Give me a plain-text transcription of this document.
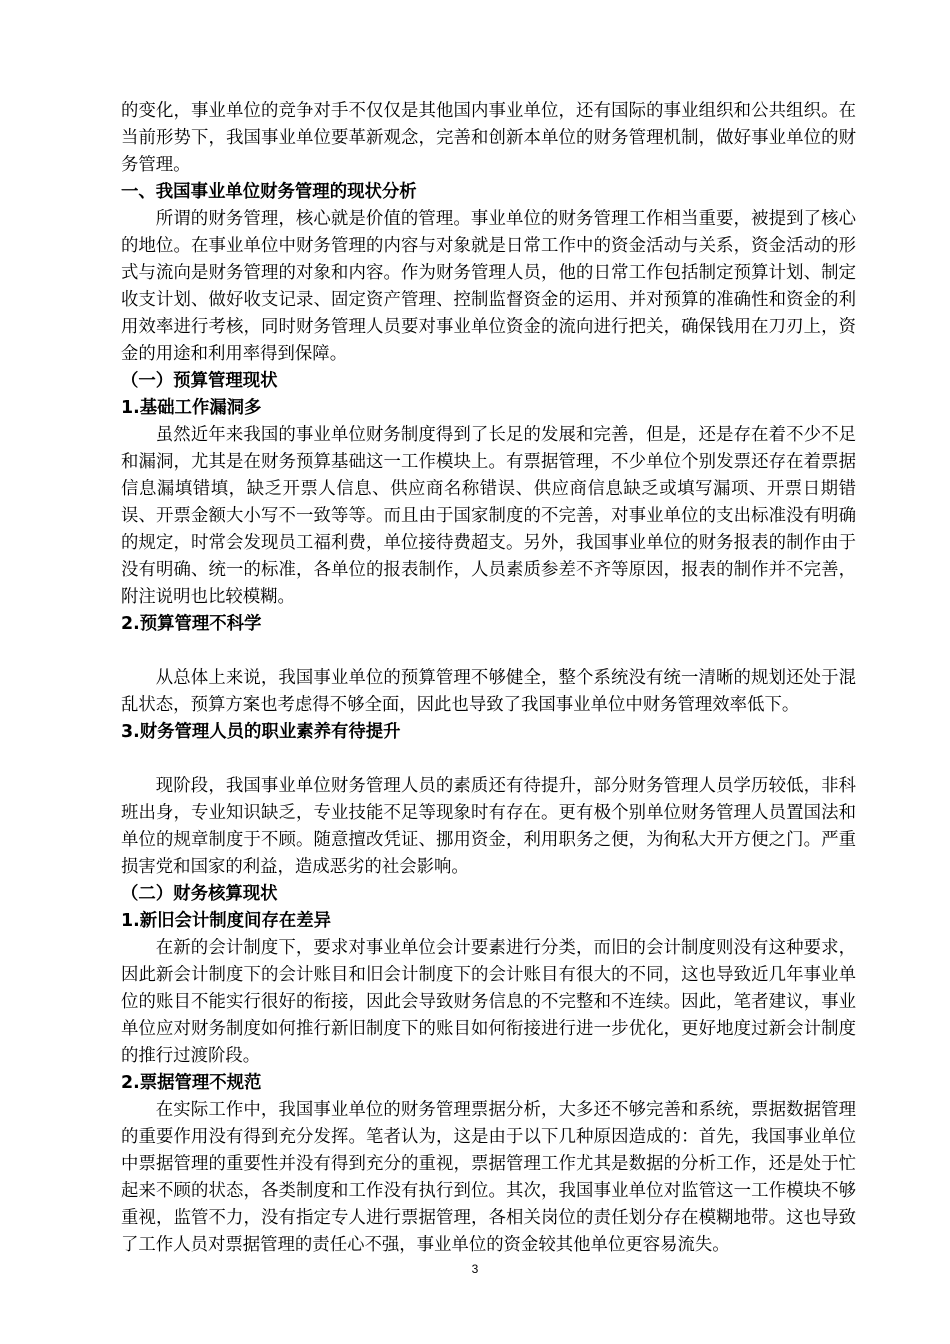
的变化，事业单位的竞争对手不仅仅是其他国内事业单位，还有国际的事业组织和公共组织。在当前形势下，我国事业单位要革新观念，完善和创新本单位的财务管理机制，做好事业单位的财务管理。

一、我国事业单位财务管理的现状分析

所谓的财务管理，核心就是价值的管理。事业单位的财务管理工作相当重要，被提到了核心的地位。在事业单位中财务管理的内容与对象就是日常工作中的资金活动与关系，资金活动的形式与流向是财务管理的对象和内容。作为财务管理人员，他的日常工作包括制定预算计划、制定收支计划、做好收支记录、固定资产管理、控制监督资金的运用、并对预算的准确性和资金的利用效率进行考核，同时财务管理人员要对事业单位资金的流向进行把关，确保钱用在刀刃上，资金的用途和利用率得到保障。

（一）预算管理现状

1.基础工作漏洞多

虽然近年来我国的事业单位财务制度得到了长足的发展和完善，但是，还是存在着不少不足和漏洞，尤其是在财务预算基础这一工作模块上。有票据管理，不少单位个别发票还存在着票据信息漏填错填，缺乏开票人信息、供应商名称错误、供应商信息缺乏或填写漏项、开票日期错误、开票金额大小写不一致等等。而且由于国家制度的不完善，对事业单位的支出标准没有明确的规定，时常会发现员工福利费，单位接待费超支。另外，我国事业单位的财务报表的制作由于没有明确、统一的标准，各单位的报表制作，人员素质参差不齐等原因，报表的制作并不完善，附注说明也比较模糊。

2.预算管理不科学

从总体上来说，我国事业单位的预算管理不够健全，整个系统没有统一清晰的规划还处于混乱状态，预算方案也考虑得不够全面，因此也导致了我国事业单位中财务管理效率低下。

3.财务管理人员的职业素养有待提升

现阶段，我国事业单位财务管理人员的素质还有待提升，部分财务管理人员学历较低，非科班出身，专业知识缺乏，专业技能不足等现象时有存在。更有极个别单位财务管理人员置国法和单位的规章制度于不顾。随意擅改凭证、挪用资金，利用职务之便，为徇私大开方便之门。严重损害党和国家的利益，造成恶劣的社会影响。

（二）财务核算现状

1.新旧会计制度间存在差异

在新的会计制度下，要求对事业单位会计要素进行分类，而旧的会计制度则没有这种要求，因此新会计制度下的会计账目和旧会计制度下的会计账目有很大的不同，这也导致近几年事业单位的账目不能实行很好的衔接，因此会导致财务信息的不完整和不连续。因此，笔者建议，事业单位应对财务制度如何推行新旧制度下的账目如何衔接进行进一步优化，更好地度过新会计制度的推行过渡阶段。

2.票据管理不规范

在实际工作中，我国事业单位的财务管理票据分析，大多还不够完善和系统，票据数据管理的重要作用没有得到充分发挥。笔者认为，这是由于以下几种原因造成的：首先，我国事业单位中票据管理的重要性并没有得到充分的重视，票据管理工作尤其是数据的分析工作，还是处于忙起来不顾的状态，各类制度和工作没有执行到位。其次，我国事业单位对监管这一工作模块不够重视，监管不力，没有指定专人进行票据管理，各相关岗位的责任划分存在模糊地带。这也导致了工作人员对票据管理的责任心不强，事业单位的资金较其他单位更容易流失。

3
